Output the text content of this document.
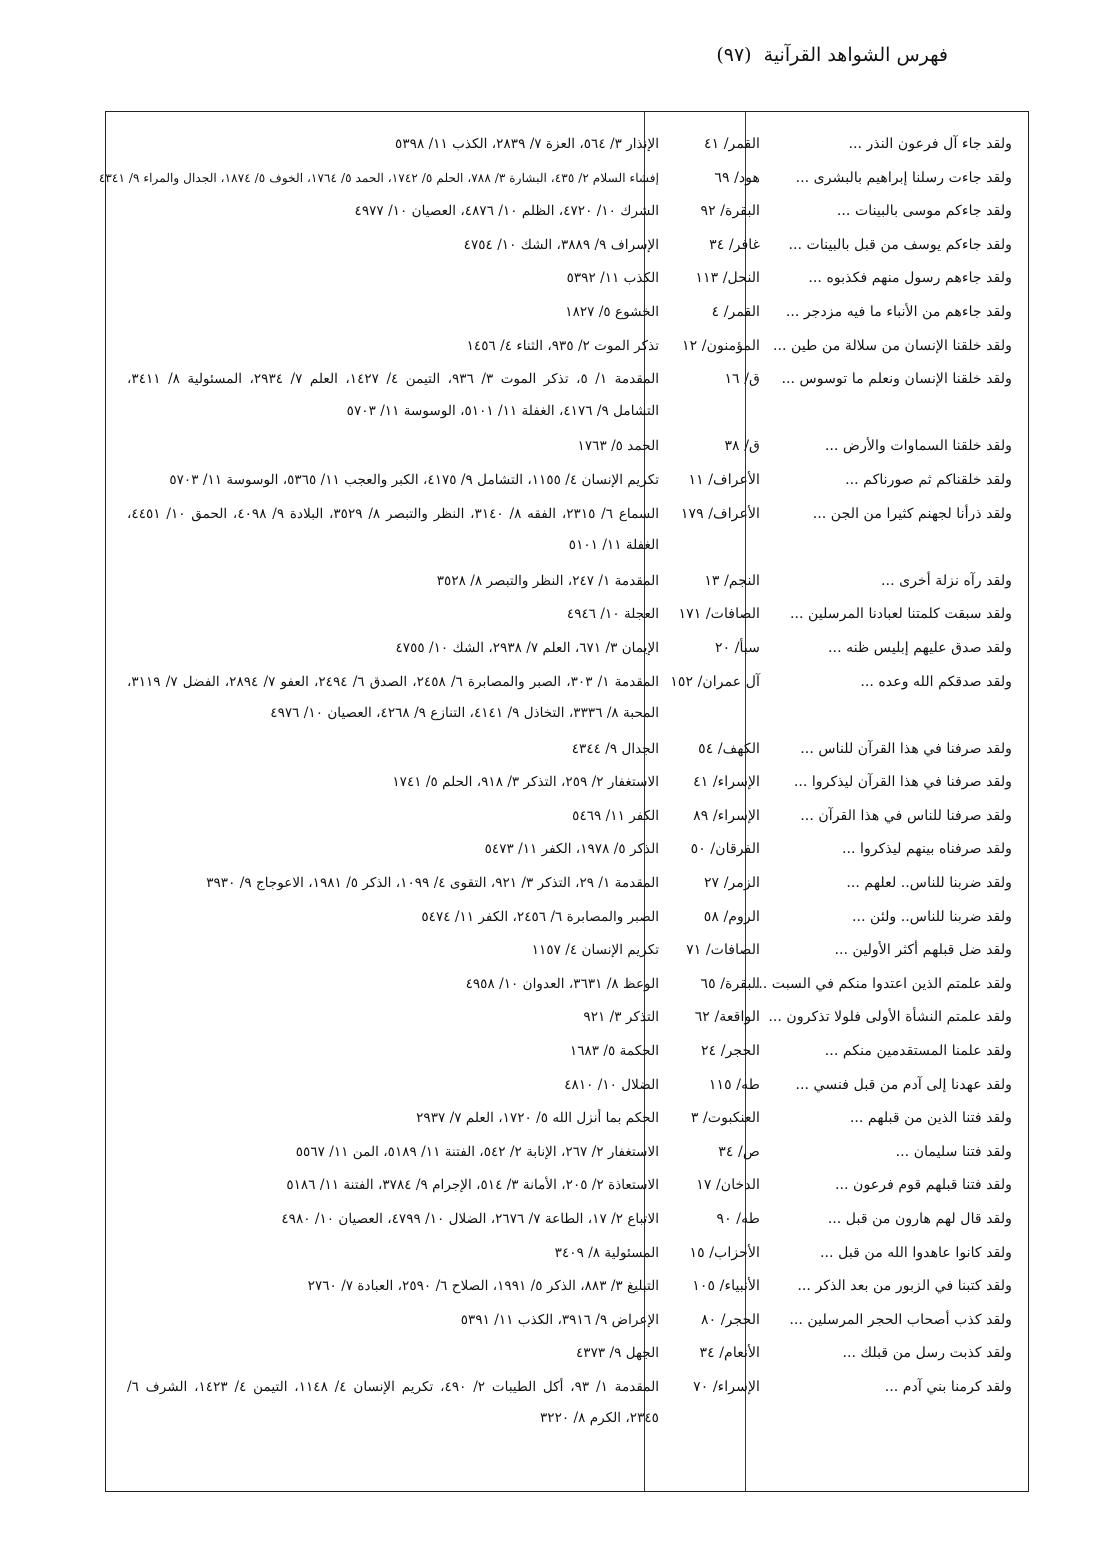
فهرس الشواهد القرآنية (٩٧)
ولقد جاء آل فرعون النذر ...
القمر/ ٤١
الإنذار ٣/ ٥٦٤، العزة ٧/ ٢٨٣٩، الكذب ١١/ ٥٣٩٨
ولقد جاءت رسلنا إبراهيم بالبشرى ...
هود/ ٦٩
إفشاء السلام ٢/ ٤٣٥، البشارة ٣/ ٧٨٨، الحلم ٥/ ١٧٤٢، الحمد ٥/ ١٧٦٤، الخوف ٥/ ١٨٧٤، الجدال والمراء ٩/ ٤٣٤١
ولقد جاءكم موسى بالبينات ...
البقرة/ ٩٢
الشرك ١٠/ ٤٧٢٠، الظلم ١٠/ ٤٨٧٦، العصيان ١٠/ ٤٩٧٧
ولقد جاءكم يوسف من قبل بالبينات ...
غافر/ ٣٤
الإسراف ٩/ ٣٨٨٩، الشك ١٠/ ٤٧٥٤
ولقد جاءهم رسول منهم فكذبوه ...
النحل/ ١١٣
الكذب ١١/ ٥٣٩٢
ولقد جاءهم من الأنباء ما فيه مزدجر ...
القمر/ ٤
الخشوع ٥/ ١٨٢٧
ولقد خلقنا الإنسان من سلالة من طين ...
المؤمنون/ ١٢
تذكر الموت ٢/ ٩٣٥، الثناء ٤/ ١٤٥٦
ولقد خلقنا الإنسان ونعلم ما توسوس ...
ق/ ١٦
المقدمة ١/ ٥، تذكر الموت ٣/ ٩٣٦، التيمن ٤/ ١٤٢٧، العلم ٧/ ٢٩٣٤، المسئولية ٨/ ٣٤١١، التشامل ٩/ ٤١٧٦، الغفلة ١١/ ٥١٠١، الوسوسة ١١/ ٥٧٠٣
ولقد خلقنا السماوات والأرض ...
ق/ ٣٨
الحمد ٥/ ١٧٦٣
ولقد خلقناكم ثم صورناكم ...
الأعراف/ ١١
تكريم الإنسان ٤/ ١١٥٥، التشامل ٩/ ٤١٧٥، الكبر والعجب ١١/ ٥٣٦٥، الوسوسة ١١/ ٥٧٠٣
ولقد ذرأنا لجهنم كثيرا من الجن ...
الأعراف/ ١٧٩
السماع ٦/ ٢٣١٥، الفقه ٨/ ٣١٤٠، النظر والتبصر ٨/ ٣٥٢٩، البلادة ٩/ ٤٠٩٨، الحمق ١٠/ ٤٤٥١، الغفلة ١١/ ٥١٠١
ولقد رآه نزلة أخرى ...
النجم/ ١٣
المقدمة ١/ ٢٤٧، النظر والتبصر ٨/ ٣٥٢٨
ولقد سبقت كلمتنا لعبادنا المرسلين ...
الصافات/ ١٧١
العجلة ١٠/ ٤٩٤٦
ولقد صدق عليهم إبليس ظنه ...
سبأ/ ٢٠
الإيمان ٣/ ٦٧١، العلم ٧/ ٢٩٣٨، الشك ١٠/ ٤٧٥٥
ولقد صدقكم الله وعده ...
آل عمران/ ١٥٢
المقدمة ١/ ٣٠٣، الصبر والمصابرة ٦/ ٢٤٥٨، الصدق ٦/ ٢٤٩٤، العفو ٧/ ٢٨٩٤، الفضل ٧/ ٣١١٩، المحبة ٨/ ٣٣٣٦، التخاذل ٩/ ٤١٤١، التنازع ٩/ ٤٢٦٨، العصيان ١٠/ ٤٩٧٦
ولقد صرفنا في هذا القرآن للناس ...
الكهف/ ٥٤
الجدال ٩/ ٤٣٤٤
ولقد صرفنا في هذا القرآن ليذكروا ...
الإسراء/ ٤١
الاستغفار ٢/ ٢٥٩، التذكر ٣/ ٩١٨، الحلم ٥/ ١٧٤١
ولقد صرفنا للناس في هذا القرآن ...
الإسراء/ ٨٩
الكفر ١١/ ٥٤٦٩
ولقد صرفناه بينهم ليذكروا ...
الفرقان/ ٥٠
الذكر ٥/ ١٩٧٨، الكفر ١١/ ٥٤٧٣
ولقد ضربنا للناس.. لعلهم ...
الزمر/ ٢٧
المقدمة ١/ ٢٩، التذكر ٣/ ٩٢١، التقوى ٤/ ١٠٩٩، الذكر ٥/ ١٩٨١، الاعوجاج ٩/ ٣٩٣٠
ولقد ضربنا للناس.. ولئن ...
الروم/ ٥٨
الصبر والمصابرة ٦/ ٢٤٥٦، الكفر ١١/ ٥٤٧٤
ولقد ضل قبلهم أكثر الأولين ...
الصافات/ ٧١
تكريم الإنسان ٤/ ١١٥٧
ولقد علمتم الذين اعتدوا منكم في السبت ...
البقرة/ ٦٥
الوعظ ٨/ ٣٦٣١، العدوان ١٠/ ٤٩٥٨
ولقد علمتم النشأة الأولى فلولا تذكرون ...
الواقعة/ ٦٢
التذكر ٣/ ٩٢١
ولقد علمنا المستقدمين منكم ...
الحجر/ ٢٤
الحكمة ٥/ ١٦٨٣
ولقد عهدنا إلى آدم من قبل فنسي ...
طه/ ١١٥
الضلال ١٠/ ٤٨١٠
ولقد فتنا الذين من قبلهم ...
العنكبوت/ ٣
الحكم بما أنزل الله ٥/ ١٧٢٠، العلم ٧/ ٢٩٣٧
ولقد فتنا سليمان ...
ص/ ٣٤
الاستغفار ٢/ ٢٦٧، الإنابة ٢/ ٥٤٢، الفتنة ١١/ ٥١٨٩، المن ١١/ ٥٥٦٧
ولقد فتنا قبلهم قوم فرعون ...
الدخان/ ١٧
الاستعاذة ٢/ ٢٠٥، الأمانة ٣/ ٥١٤، الإجرام ٩/ ٣٧٨٤، الفتنة ١١/ ٥١٨٦
ولقد قال لهم هارون من قبل ...
طه/ ٩٠
الاتباع ٢/ ١٧، الطاعة ٧/ ٢٦٧٦، الضلال ١٠/ ٤٧٩٩، العصيان ١٠/ ٤٩٨٠
ولقد كانوا عاهدوا الله من قبل ...
الأحزاب/ ١٥
المسئولية ٨/ ٣٤٠٩
ولقد كتبنا في الزبور من بعد الذكر ...
الأنبياء/ ١٠٥
التبليغ ٣/ ٨٨٣، الذكر ٥/ ١٩٩١، الصلاح ٦/ ٢٥٩٠، العبادة ٧/ ٢٧٦٠
ولقد كذب أصحاب الحجر المرسلين ...
الحجر/ ٨٠
الإعراض ٩/ ٣٩١٦، الكذب ١١/ ٥٣٩١
ولقد كذبت رسل من قبلك ...
الأنعام/ ٣٤
الجهل ٩/ ٤٣٧٣
ولقد كرمنا بني آدم ...
الإسراء/ ٧٠
المقدمة ١/ ٩٣، أكل الطيبات ٢/ ٤٩٠، تكريم الإنسان ٤/ ١١٤٨، التيمن ٤/ ١٤٢٣، الشرف ٦/ ٢٣٤٥، الكرم ٨/ ٣٢٢٠
